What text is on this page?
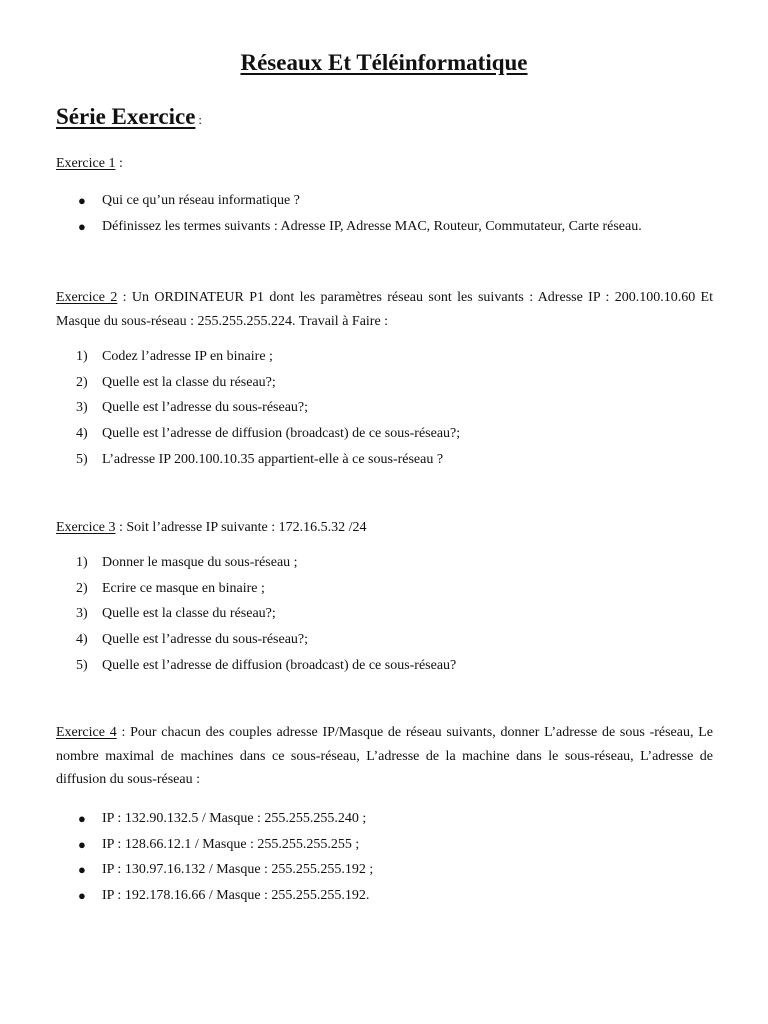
Réseaux Et Téléinformatique
Série Exercice :
Exercice 1 :
● Qui ce qu’un réseau informatique ?
● Définissez les termes suivants : Adresse IP, Adresse MAC, Routeur, Commutateur, Carte réseau.
Exercice 2 : Un ORDINATEUR P1 dont les paramètres réseau sont les suivants : Adresse IP : 200.100.10.60 Et Masque du sous-réseau : 255.255.255.224. Travail à Faire :
1)	Codez l’adresse IP en binaire ;
2)	Quelle est la classe du réseau?;
3)	Quelle est l’adresse du sous-réseau?;
4)	Quelle est l’adresse de diffusion (broadcast) de ce sous-réseau?;
5)	L’adresse IP 200.100.10.35 appartient-elle à ce sous-réseau ?
Exercice 3 : Soit l’adresse IP suivante : 172.16.5.32 /24
1)	Donner le masque du sous-réseau ;
2)	Ecrire ce masque en binaire ;
3)	Quelle est la classe du réseau?;
4)	Quelle est l’adresse du sous-réseau?;
5)	Quelle est l’adresse de diffusion (broadcast) de ce sous-réseau?
Exercice 4 : Pour chacun des couples adresse IP/Masque de réseau suivants, donner L’adresse de sous -réseau, Le nombre maximal de machines dans ce sous-réseau, L’adresse de la machine dans le sous-réseau, L’adresse de diffusion du sous-réseau :
● IP : 132.90.132.5 / Masque : 255.255.255.240 ;
● IP : 128.66.12.1 / Masque : 255.255.255.255 ;
● IP : 130.97.16.132 / Masque : 255.255.255.192 ;
● IP : 192.178.16.66 / Masque : 255.255.255.192.
